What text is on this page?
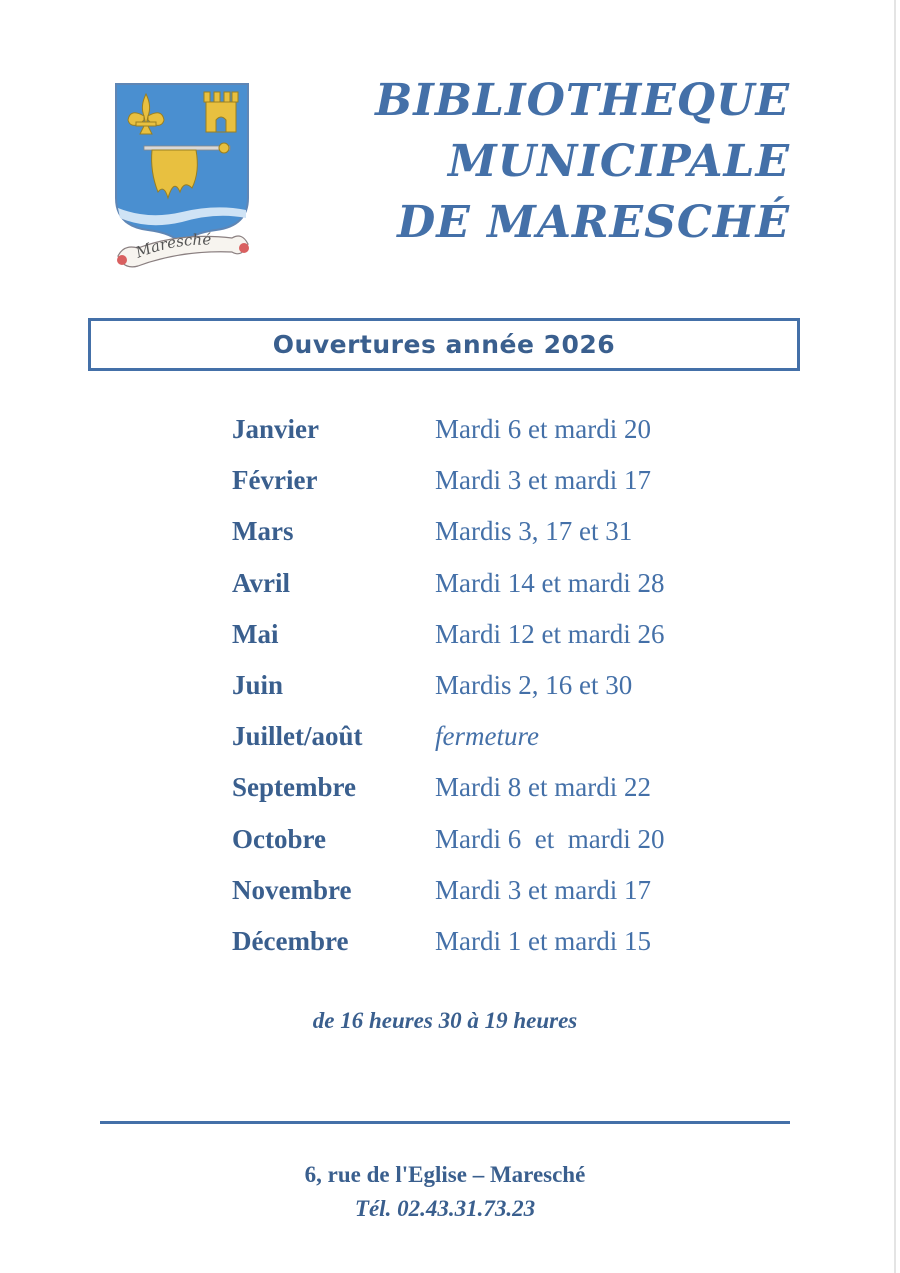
Maresché
BIBLIOTHEQUE
MUNICIPALE
DE MARESCHÉ
Ouvertures année 2026
Janvier	Mardi 6 et mardi 20
Février	Mardi 3 et mardi 17
Mars	Mardis 3, 17 et 31
Avril	Mardi 14 et mardi 28
Mai	Mardi 12 et mardi 26
Juin	Mardis 2, 16 et 30
Juillet/août	fermeture
Septembre	Mardi 8 et mardi 22
Octobre	Mardi 6  et  mardi 20
Novembre	Mardi 3 et mardi 17
Décembre	Mardi 1 et mardi 15
de 16 heures 30 à 19 heures
6, rue de l'Eglise – Maresché
Tél. 02.43.31.73.23
